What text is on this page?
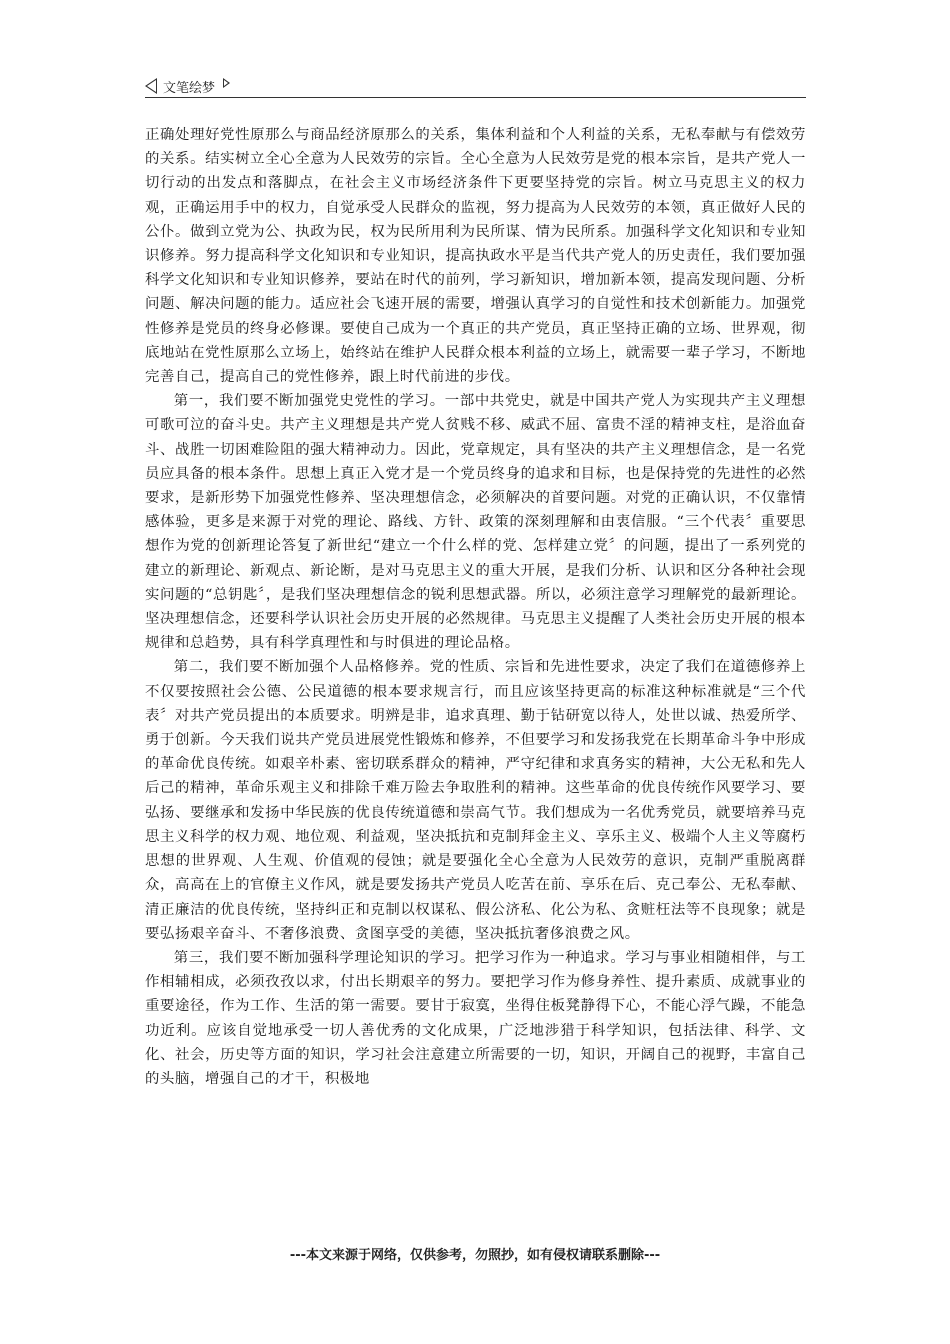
文笔绘梦

正确处理好党性原那么与商品经济原那么的关系，集体利益和个人利益的关系，无私奉献与有偿效劳的关系。结实树立全心全意为人民效劳的宗旨。全心全意为人民效劳是党的根本宗旨，是共产党人一切行动的出发点和落脚点，在社会主义市场经济条件下更要坚持党的宗旨。树立马克思主义的权力观，正确运用手中的权力，自觉承受人民群众的监视，努力提高为人民效劳的本领，真正做好人民的公仆。做到立党为公、执政为民，权为民所用利为民所谋、情为民所系。加强科学文化知识和专业知识修养。努力提高科学文化知识和专业知识，提高执政水平是当代共产党人的历史责任，我们要加强科学文化知识和专业知识修养，要站在时代的前列，学习新知识，增加新本领，提高发现问题、分析问题、解决问题的能力。适应社会飞速开展的需要，增强认真学习的自觉性和技术创新能力。加强党性修养是党员的终身必修课。要使自己成为一个真正的共产党员，真正坚持正确的立场、世界观，彻底地站在党性原那么立场上，始终站在维护人民群众根本利益的立场上，就需要一辈子学习，不断地完善自己，提高自己的党性修养，跟上时代前进的步伐。

第一，我们要不断加强党史党性的学习。一部中共党史，就是中国共产党人为实现共产主义理想可歌可泣的奋斗史。共产主义理想是共产党人贫贱不移、威武不屈、富贵不淫的精神支柱，是浴血奋斗、战胜一切困难险阻的强大精神动力。因此，党章规定，具有坚决的共产主义理想信念，是一名党员应具备的根本条件。思想上真正入党才是一个党员终身的追求和目标，也是保持党的先进性的必然要求，是新形势下加强党性修养、坚决理想信念，必须解决的首要问题。对党的正确认识，不仅靠情感体验，更多是来源于对党的理论、路线、方针、政策的深刻理解和由衷信服。“三个代表〞重要思想作为党的创新理论答复了新世纪“建立一个什么样的党、怎样建立党〞的问题，提出了一系列党的建立的新理论、新观点、新论断，是对马克思主义的重大开展，是我们分析、认识和区分各种社会现实问题的“总钥匙〞，是我们坚决理想信念的锐利思想武器。所以，必须注意学习理解党的最新理论。坚决理想信念，还要科学认识社会历史开展的必然规律。马克思主义提醒了人类社会历史开展的根本规律和总趋势，具有科学真理性和与时俱进的理论品格。

第二，我们要不断加强个人品格修养。党的性质、宗旨和先进性要求，决定了我们在道德修养上不仅要按照社会公德、公民道德的根本要求规言行，而且应该坚持更高的标准这种标准就是“三个代表〞对共产党员提出的本质要求。明辨是非，追求真理、勤于钻研宽以待人，处世以诚、热爱所学、勇于创新。今天我们说共产党员进展党性锻炼和修养，不但要学习和发扬我党在长期革命斗争中形成的革命优良传统。如艰辛朴素、密切联系群众的精神，严守纪律和求真务实的精神，大公无私和先人后己的精神，革命乐观主义和排除千难万险去争取胜利的精神。这些革命的优良传统作风要学习、要弘扬、要继承和发扬中华民族的优良传统道德和崇高气节。我们想成为一名优秀党员，就要培养马克思主义科学的权力观、地位观、利益观，坚决抵抗和克制拜金主义、享乐主义、极端个人主义等腐朽思想的世界观、人生观、价值观的侵蚀；就是要强化全心全意为人民效劳的意识，克制严重脱离群众，高高在上的官僚主义作风，就是要发扬共产党员人吃苦在前、享乐在后、克己奉公、无私奉献、清正廉洁的优良传统，坚持纠正和克制以权谋私、假公济私、化公为私、贪赃枉法等不良现象；就是要弘扬艰辛奋斗、不奢侈浪费、贪图享受的美德，坚决抵抗奢侈浪费之风。

第三，我们要不断加强科学理论知识的学习。把学习作为一种追求。学习与事业相随相伴，与工作相辅相成，必须孜孜以求，付出长期艰辛的努力。要把学习作为修身养性、提升素质、成就事业的重要途径，作为工作、生活的第一需要。要甘于寂寞，坐得住板凳静得下心，不能心浮气躁，不能急功近利。应该自觉地承受一切人善优秀的文化成果，广泛地涉猎于科学知识，包括法律、科学、文化、社会，历史等方面的知识，学习社会注意建立所需要的一切，知识，开阔自己的视野，丰富自己的头脑，增强自己的才干，积极地

---本文来源于网络，仅供参考，勿照抄，如有侵权请联系删除---
